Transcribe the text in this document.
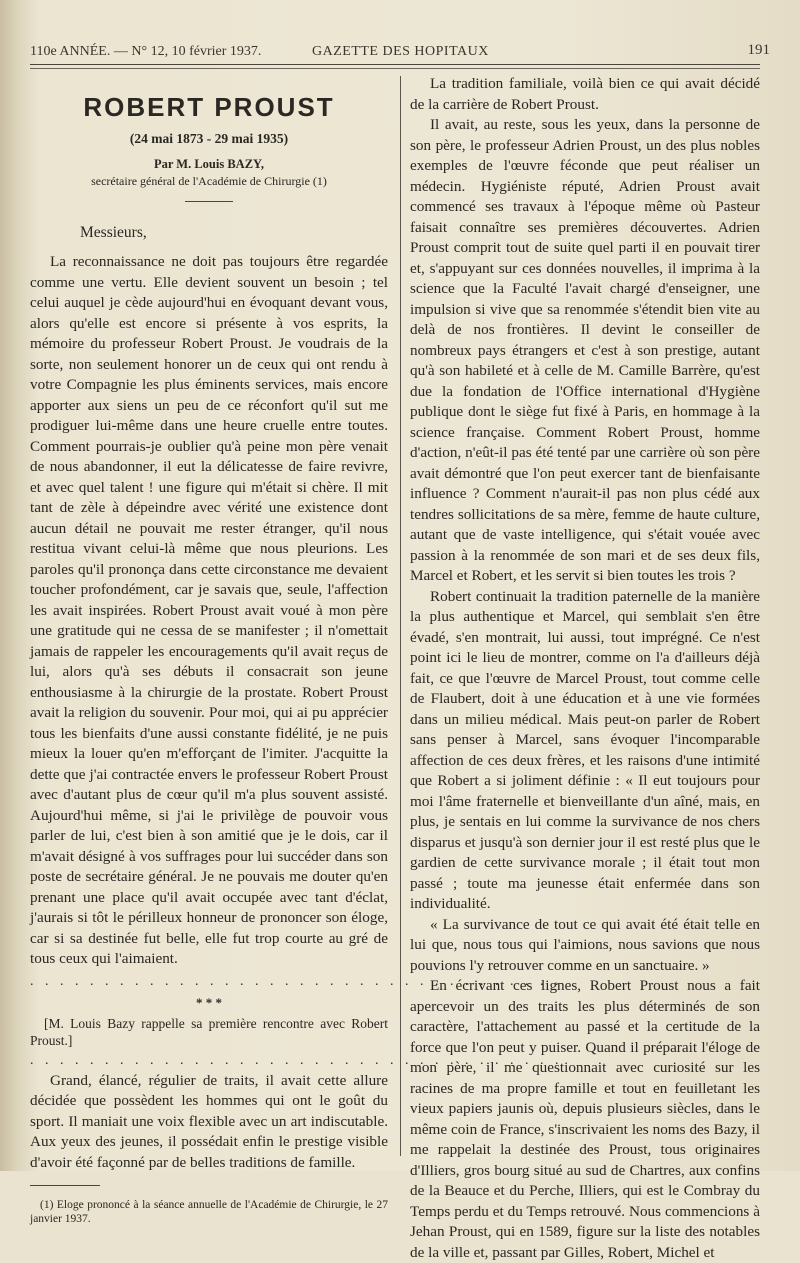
110e ANNÉE. — N° 12, 10 février 1937.	GAZETTE DES HOPITAUX	191
ROBERT PROUST
(24 mai 1873 - 29 mai 1935)
Par M. Louis BAZY,
secrétaire général de l'Académie de Chirurgie (1)
Messieurs,

La reconnaissance ne doit pas toujours être regardée comme une vertu. Elle devient souvent un besoin ; tel celui auquel je cède aujourd'hui en évoquant devant vous, alors qu'elle est encore si présente à vos esprits, la mémoire du professeur Robert Proust. Je voudrais de la sorte, non seulement honorer un de ceux qui ont rendu à votre Compagnie les plus éminents services, mais encore apporter aux siens un peu de ce réconfort qu'il sut me prodiguer lui-même dans une heure cruelle entre toutes. Comment pourrais-je oublier qu'à peine mon père venait de nous abandonner, il eut la délicatesse de faire revivre, et avec quel talent ! une figure qui m'était si chère. Il mit tant de zèle à dépeindre avec vérité une existence dont aucun détail ne pouvait me rester étranger, qu'il nous restitua vivant celui-là même que nous pleurions. Les paroles qu'il prononça dans cette circonstance me devaient toucher profondément, car je savais que, seule, l'affection les avait inspirées. Robert Proust avait voué à mon père une gratitude qui ne cessa de se manifester ; il n'omettait jamais de rappeler les encouragements qu'il avait reçus de lui, alors qu'à ses débuts il consacrait son jeune enthousiasme à la chirurgie de la prostate. Robert Proust avait la religion du souvenir. Pour moi, qui ai pu apprécier tous les bienfaits d'une aussi constante fidélité, je ne puis mieux la louer qu'en m'efforçant de l'imiter. J'acquitte la dette que j'ai contractée envers le professeur Robert Proust avec d'autant plus de cœur qu'il m'a plus souvent assisté. Aujourd'hui même, si j'ai le privilège de pouvoir vous parler de lui, c'est bien à son amitié que je le dois, car il m'avait désigné à vos suffrages pour lui succéder dans son poste de secrétaire général. Je ne pouvais me douter qu'en prenant une place qu'il avait occupée avec tant d'éclat, j'aurais si tôt le périlleux honneur de prononcer son éloge, car si sa destinée fut belle, elle fut trop courte au gré de tous ceux qui l'aimaient.

. . . . . . . . . . . . . . . . . . . . . . . . . . . . . . . . . . . .
* * *

[M. Louis Bazy rappelle sa première rencontre avec Robert Proust.]

. . . . . . . . . . . . . . . . . . . . . . . . . . . . . . . . . . . .

Grand, élancé, régulier de traits, il avait cette allure décidée que possèdent les hommes qui ont le goût du sport. Il maniait une voix flexible avec un art indiscutable. Aux yeux des jeunes, il possédait enfin le prestige visible d'avoir été façonné par de belles traditions de famille.

(1) Eloge prononcé à la séance annuelle de l'Académie de Chirurgie, le 27 janvier 1937.

La tradition familiale, voilà bien ce qui avait décidé de la carrière de Robert Proust.

Il avait, au reste, sous les yeux, dans la personne de son père, le professeur Adrien Proust, un des plus nobles exemples de l'œuvre féconde que peut réaliser un médecin. Hygiéniste réputé, Adrien Proust avait commencé ses travaux à l'époque même où Pasteur faisait connaître ses premières découvertes. Adrien Proust comprit tout de suite quel parti il en pouvait tirer et, s'appuyant sur ces données nouvelles, il imprima à la science que la Faculté l'avait chargé d'enseigner, une impulsion si vive que sa renommée s'étendit bien vite au delà de nos frontières. Il devint le conseiller de nombreux pays étrangers et c'est à son prestige, autant qu'à son habileté et à celle de M. Camille Barrère, qu'est due la fondation de l'Office international d'Hygiène publique dont le siège fut fixé à Paris, en hommage à la science française. Comment Robert Proust, homme d'action, n'eût-il pas été tenté par une carrière où son père avait démontré que l'on peut exercer tant de bienfaisante influence ? Comment n'aurait-il pas non plus cédé aux tendres sollicitations de sa mère, femme de haute culture, autant que de vaste intelligence, qui s'était vouée avec passion à la renommée de son mari et de ses deux fils, Marcel et Robert, et les servit si bien toutes les trois ?

Robert continuait la tradition paternelle de la manière la plus authentique et Marcel, qui semblait s'en être évadé, s'en montrait, lui aussi, tout imprégné. Ce n'est point ici le lieu de montrer, comme on l'a d'ailleurs déjà fait, ce que l'œuvre de Marcel Proust, tout comme celle de Flaubert, doit à une éducation et à une vie formées dans un milieu médical. Mais peut-on parler de Robert sans penser à Marcel, sans évoquer l'incomparable affection de ces deux frères, et les raisons d'une intimité que Robert a si joliment définie : « Il eut toujours pour moi l'âme fraternelle et bienveillante d'un aîné, mais, en plus, je sentais en lui comme la survivance de nos chers disparus et jusqu'à son dernier jour il est resté plus que le gardien de cette survivance morale ; il était tout mon passé ; toute ma jeunesse était enfermée dans son individualité.

« La survivance de tout ce qui avait été était telle en lui que, nous tous qui l'aimions, nous savions que nous pouvions l'y retrouver comme en un sanctuaire. »

En écrivant ces lignes, Robert Proust nous a fait apercevoir un des traits les plus déterminés de son caractère, l'attachement au passé et la certitude de la force que l'on peut y puiser. Quand il préparait l'éloge de mon père, il me questionnait avec curiosité sur les racines de ma propre famille et tout en feuilletant les vieux papiers jaunis où, depuis plusieurs siècles, dans le même coin de France, s'inscrivaient les noms des Bazy, il me rappelait la destinée des Proust, tous originaires d'Illiers, gros bourg situé au sud de Chartres, aux confins de la Beauce et du Perche, Illiers, qui est le Combray du Temps perdu et du Temps retrouvé. Nous commencions à Jehan Proust, qui en 1589, figure sur la liste des notables de la ville et, passant par Gilles, Robert, Michel et
